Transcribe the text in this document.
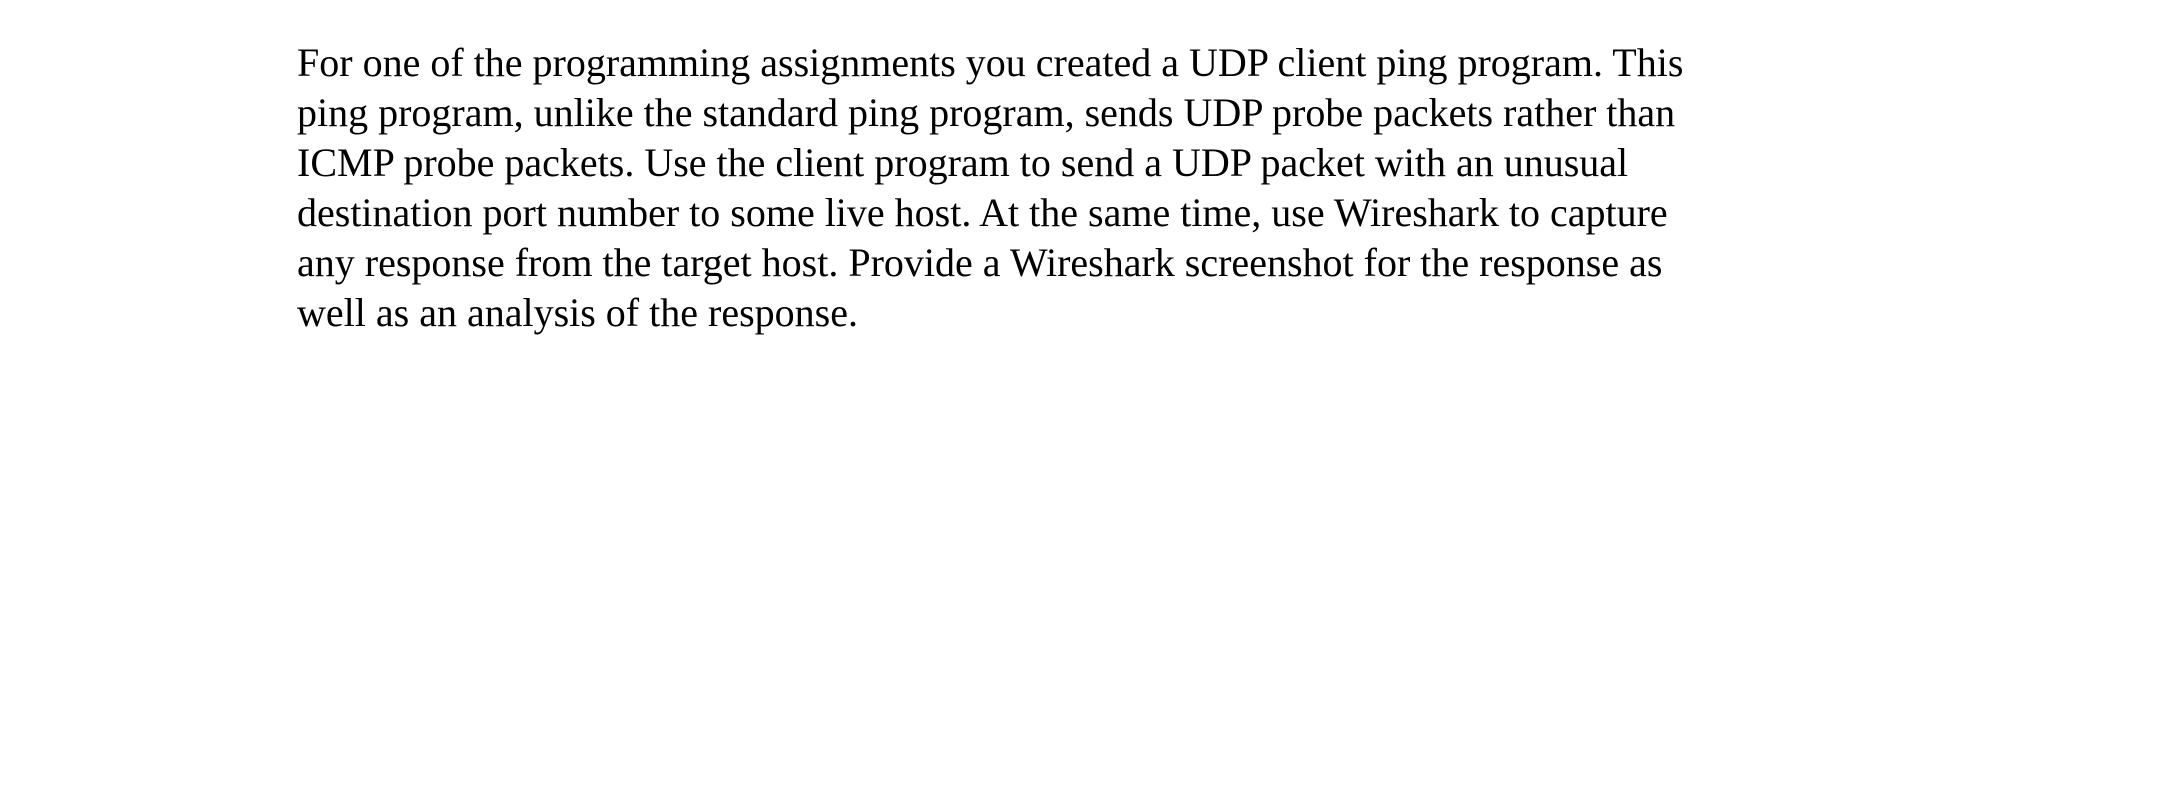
For one of the programming assignments you created a UDP client ping program. This
ping program, unlike the standard ping program, sends UDP probe packets rather than
ICMP probe packets. Use the client program to send a UDP packet with an unusual
destination port number to some live host. At the same time, use Wireshark to capture
any response from the target host. Provide a Wireshark screenshot for the response as
well as an analysis of the response.
